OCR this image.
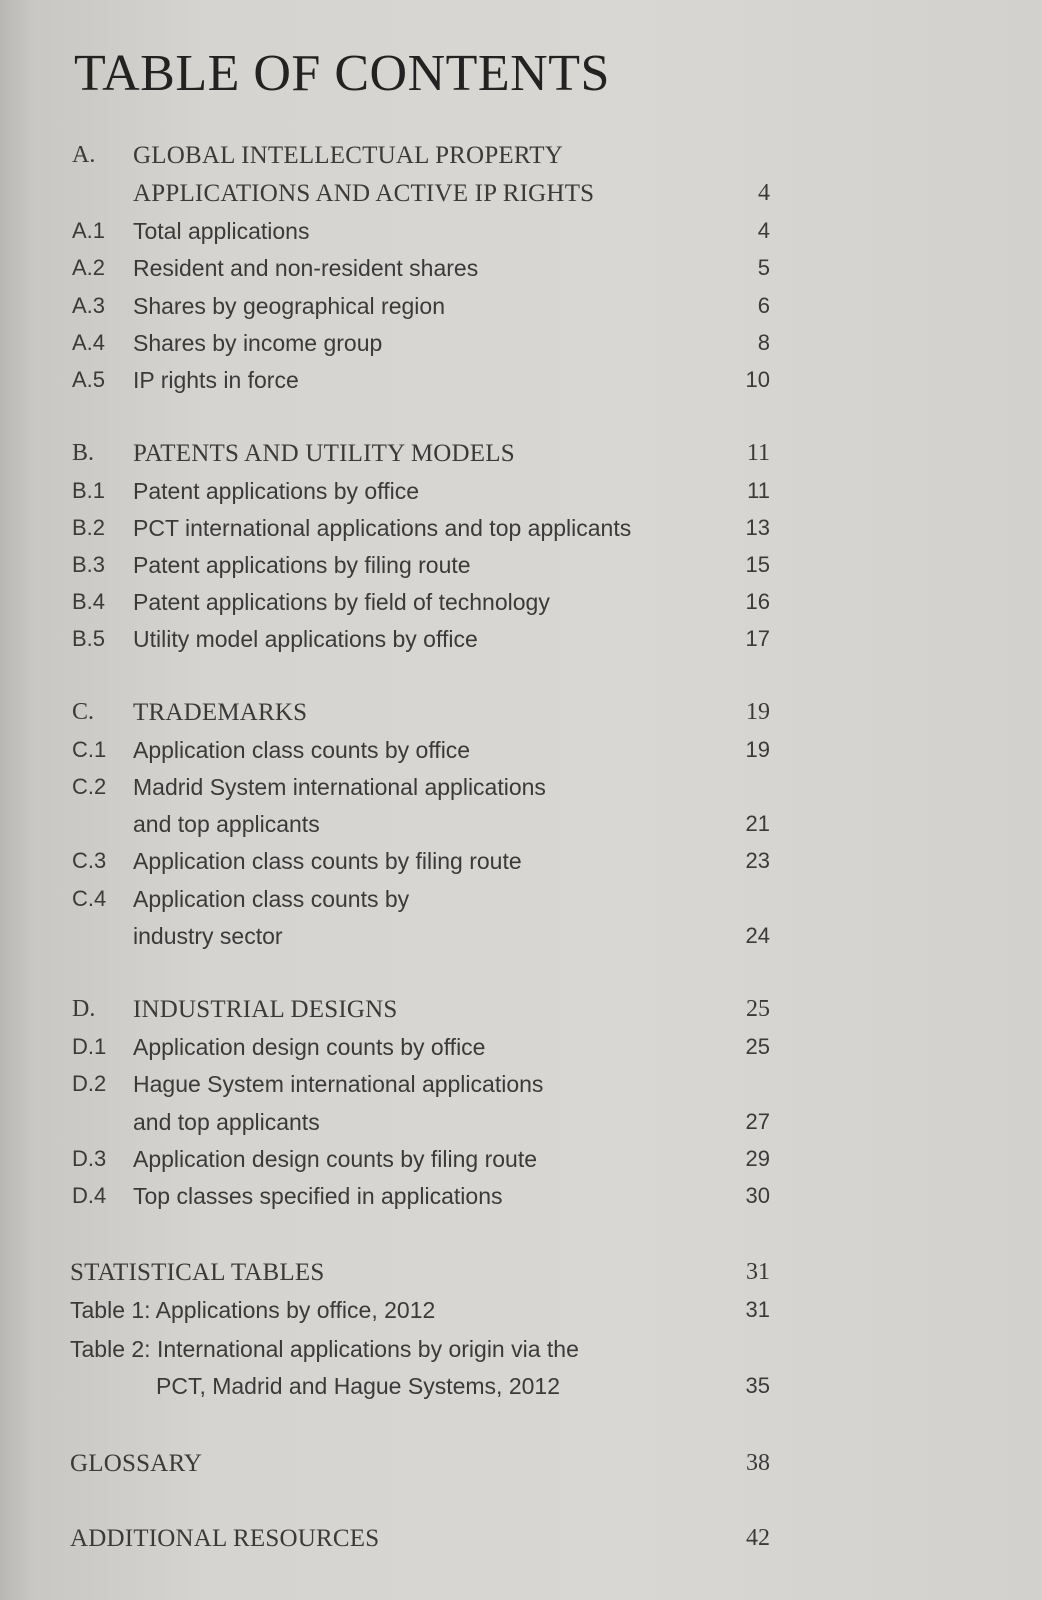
TABLE OF CONTENTS
A. GLOBAL INTELLECTUAL PROPERTY
APPLICATIONS AND ACTIVE IP RIGHTS	4
A.1 Total applications	4
A.2 Resident and non-resident shares	5
A.3 Shares by geographical region	6
A.4 Shares by income group	8
A.5 IP rights in force	10
B. PATENTS AND UTILITY MODELS	11
B.1 Patent applications by office	11
B.2 PCT international applications and top applicants	13
B.3 Patent applications by filing route	15
B.4 Patent applications by field of technology	16
B.5 Utility model applications by office	17
C. TRADEMARKS	19
C.1 Application class counts by office	19
C.2 Madrid System international applications
and top applicants	21
C.3 Application class counts by filing route	23
C.4 Application class counts by
industry sector	24
D. INDUSTRIAL DESIGNS	25
D.1 Application design counts by office	25
D.2 Hague System international applications
and top applicants	27
D.3 Application design counts by filing route	29
D.4 Top classes specified in applications	30
STATISTICAL TABLES	31
Table 1: Applications by office, 2012	31
Table 2: International applications by origin via the
PCT, Madrid and Hague Systems, 2012	35
GLOSSARY	38
ADDITIONAL RESOURCES	42
